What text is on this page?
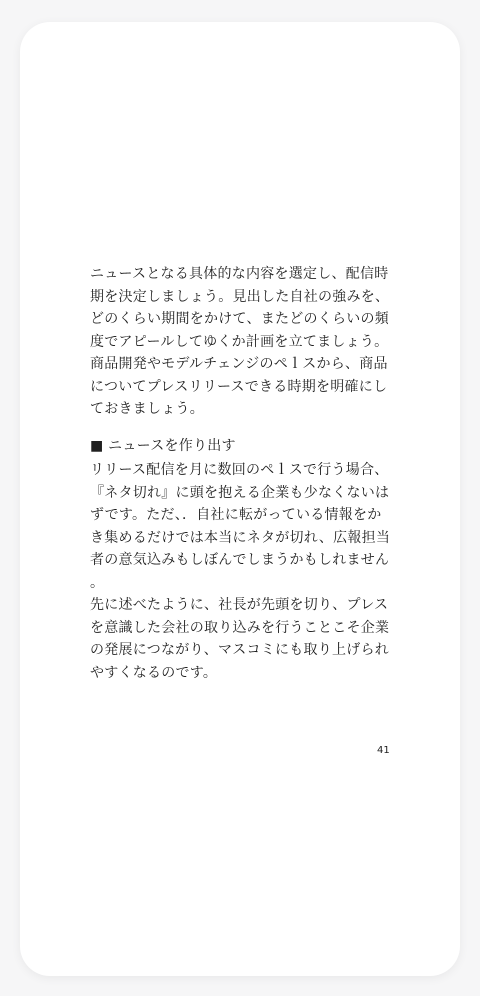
ニュースとなる具体的な内容を選定し、配信時期を決定しましょう。見出した自社の強みを、どのくらい期間をかけて、またどのくらいの頻度でアピールしてゆくか計画を立てましょう。商品開発やモデルチェンジのペｌスから、商品についてプレスリリースできる時期を明確にしておきましょう。

■ ニュースを作り出す

リリース配信を月に数回のペｌスで行う場合、『ネタ切れ』に頭を抱える企業も少なくないはずです。ただ、．自社に転がっている情報をかき集めるだけでは本当にネタが切れ、広報担当者の意気込みもしぼんでしまうかもしれません。

先に述べたように、社長が先頭を切り、プレスを意識した会社の取り込みを行うことこそ企業の発展につながり、マスコミにも取り上げられやすくなるのです。

41
